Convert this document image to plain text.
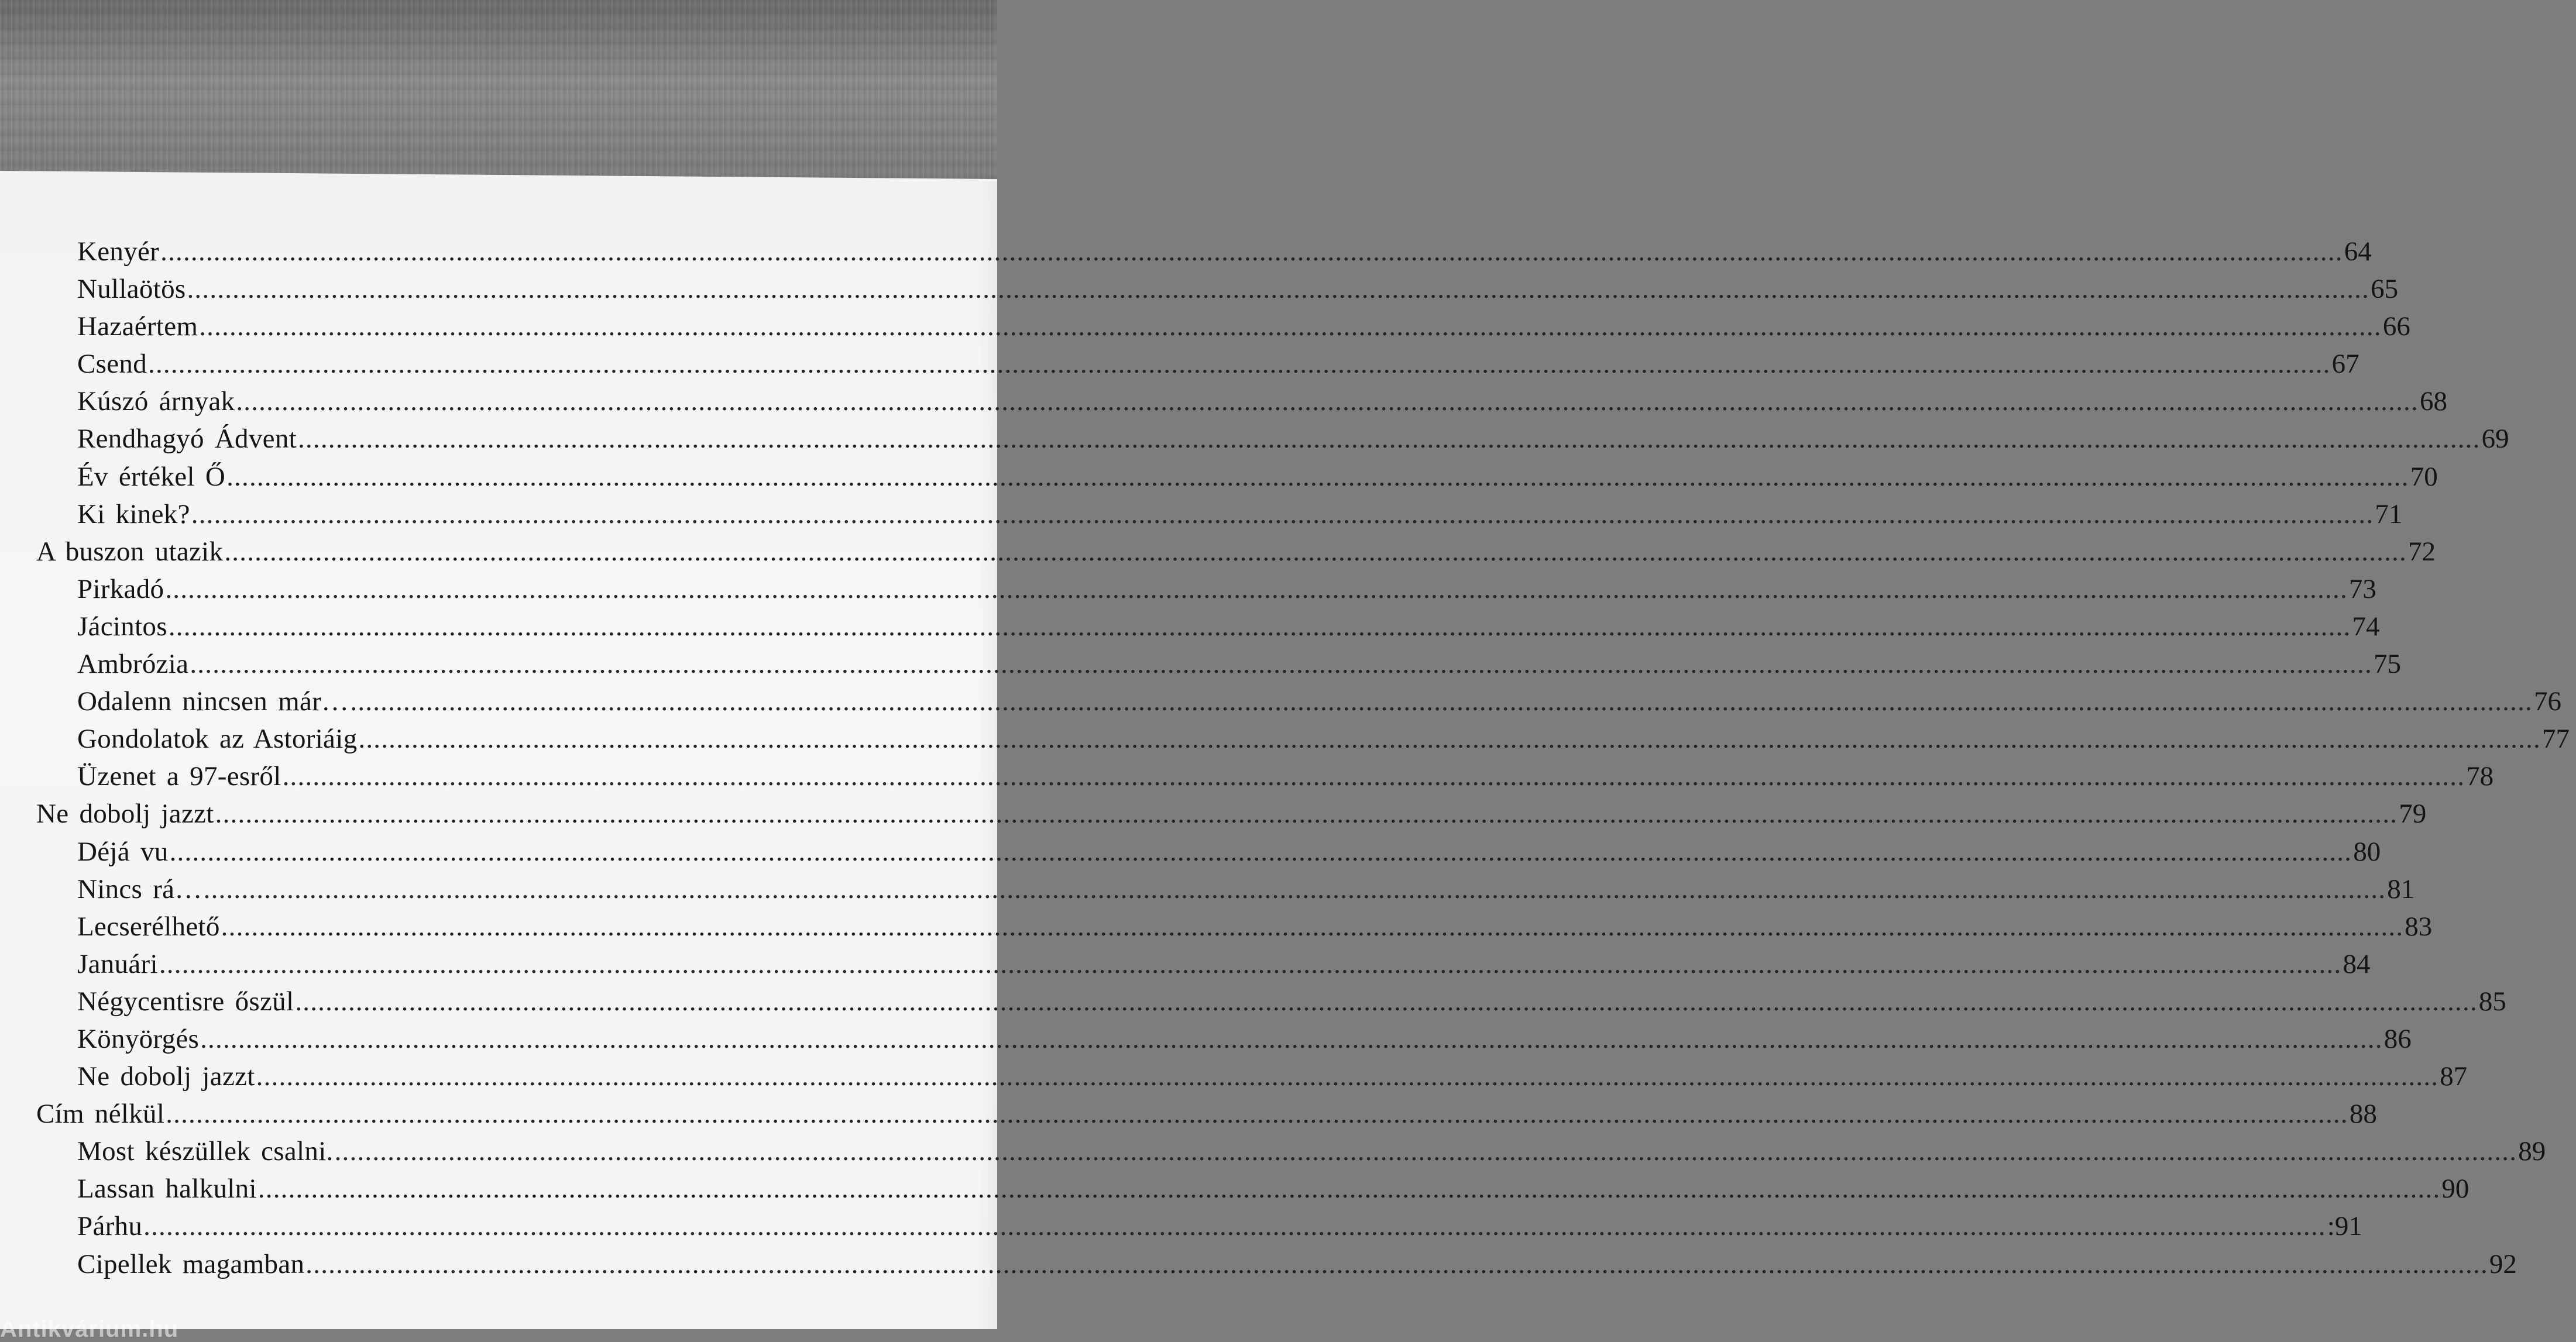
Kenyér .....	64
Nullaötös .....	65
Hazaértem .....	66
Csend .....	67
Kúszó árnyak .....	68
Rendhagyó Ádvent .....	69
Év értékel Ő .....	70
Ki kinek? .....	71
A buszon utazik .....	72
Pirkadó .....	73
Jácintos .....	74
Ambrózia .....	75
Odalenn nincsen már… .....	76
Gondolatok az Astoriáig .....	77
Üzenet a 97-esről .....	78
Ne dobolj jazzt .....	79
Déjá vu .....	80
Nincs rá… .....	81
Lecserélhető .....	83
Januári .....	84
Négycentisre őszül .....	85
Könyörgés .....	86
Ne dobolj jazzt .....	87
Cím nélkül .....	88
Most készüllek csalni. .....	89
Lassan halkulni .....	90
Párhu .....	:91
Cipellek magamban .....	92
Antikvárium.hu
